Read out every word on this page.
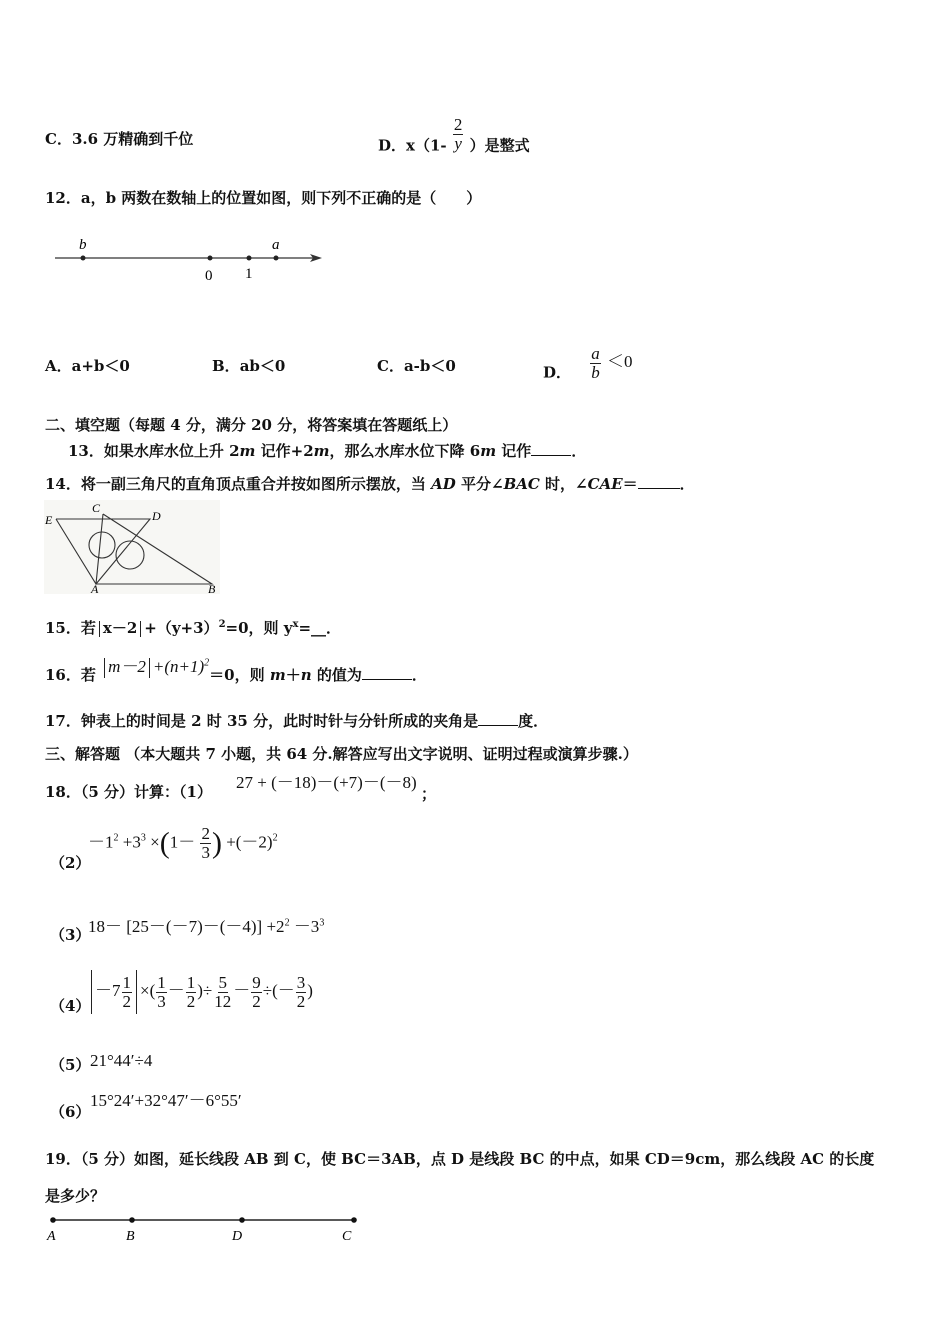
C．3.6 万精确到千位	D．$x(1- \frac{2}{y}$ ）是整式
12．a，b 两数在数轴上的位置如图，则下列不正确的是（　　）
b
0 1
a
A．a+b＜0	B．ab＜0	C．a-b＜0	D． $\frac{a}{b} <0$
二、填空题（每题 4 分，满分 20 分，将答案填在答题纸上）
13．如果水库水位上升 2m 记作+2m，那么水库水位下降 6m 记作	．
14．将一副三角尺的直角顶点重合并按如图所示摆放，当 AD 平分∠BAC 时，∠CAE＝	．
E
C
D
A	B
15．若 $x-2 +(y+3)^2=0$，则 $y^x=\_\_$．
16．若 $m-2 +(n+1)^2=0$，则 m＋n 的值为	．
17．钟表上的时间是 2 时 35 分，此时时针与分针所成的夹角是	度．
三、解答题 （本大题共 7 小题，共 64 分.解答应写出文字说明、证明过程或演算步骤.）
18．（5 分）计算：（1） 27 + (－18)－(+7)－(－8)
；
（2）
$-1^2 +3^3 \times(1- \frac{2}{3}$ ) $+(-2)^2$
（3）
$18- [25-(-7)-(-4)] +2^2 -3^3$
（4）
$-7 \frac{1}{2}$ ×( $\frac{1}{3} - \frac{1}{2}$ )÷ $\frac{5}{12} - \frac{9}{2}$ ÷(－ $\frac{3}{2}$ )
（5） 21°44′÷4
（6）
15°24′+32°47′－6°55′
19．（5 分）如图，延长线段 AB 到 C，使 BC＝3AB，点 D 是线段 BC 的中点，如果 CD＝9cm，那么线段 AC 的长度
是多少？
A	B	D	C
